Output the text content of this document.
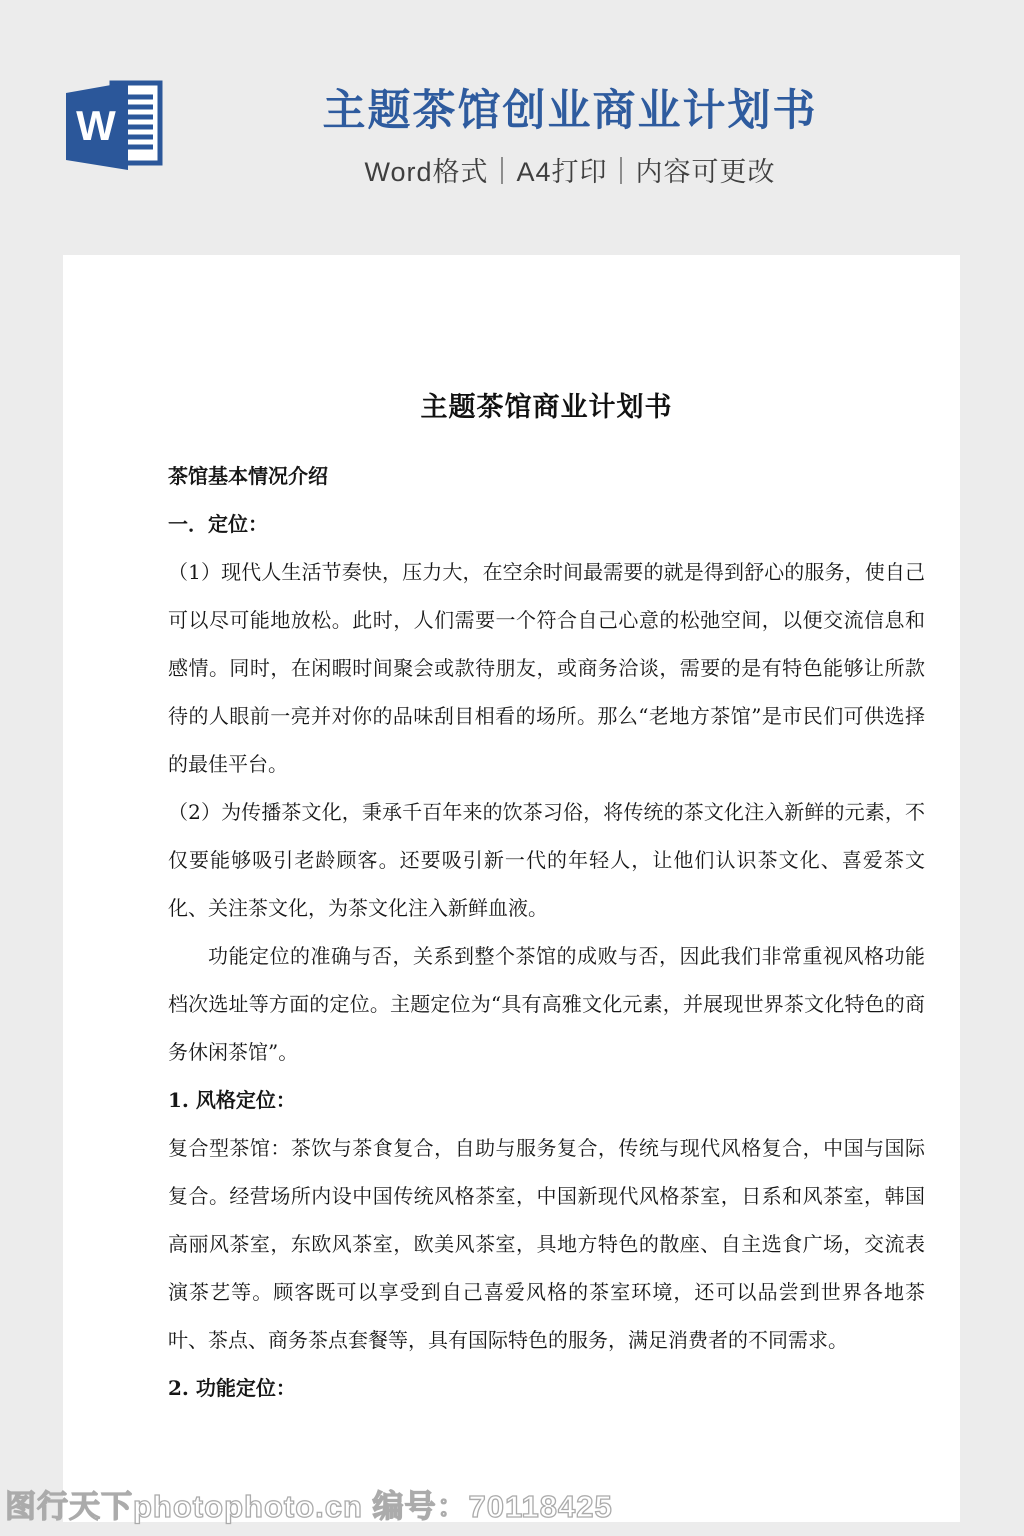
W	主题茶馆创业商业计划书
Word格式｜A4打印｜内容可更改
主题茶馆商业计划书

茶馆基本情况介绍

一．定位：

（1）现代人生活节奏快，压力大，在空余时间最需要的就是得到舒心的服务，使自己可以尽可能地放松。此时，人们需要一个符合自己心意的松弛空间，以便交流信息和感情。同时，在闲暇时间聚会或款待朋友，或商务洽谈，需要的是有特色能够让所款待的人眼前一亮并对你的品味刮目相看的场所。那么“老地方茶馆”是市民们可供选择的最佳平台。

（2）为传播茶文化，秉承千百年来的饮茶习俗，将传统的茶文化注入新鲜的元素，不仅要能够吸引老龄顾客。还要吸引新一代的年轻人，让他们认识茶文化、喜爱茶文化、关注茶文化，为茶文化注入新鲜血液。

功能定位的准确与否，关系到整个茶馆的成败与否，因此我们非常重视风格功能档次选址等方面的定位。主题定位为“具有高雅文化元素，并展现世界茶文化特色的商务休闲茶馆”。

1. 风格定位：

复合型茶馆：茶饮与茶食复合，自助与服务复合，传统与现代风格复合，中国与国际复合。经营场所内设中国传统风格茶室，中国新现代风格茶室，日系和风茶室，韩国高丽风茶室，东欧风茶室，欧美风茶室，具地方特色的散座、自主选食广场，交流表演茶艺等。顾客既可以享受到自己喜爱风格的茶室环境，还可以品尝到世界各地茶叶、茶点、商务茶点套餐等，具有国际特色的服务，满足消费者的不同需求。

2. 功能定位：

图行天下photophoto.cn 编号：70118425
